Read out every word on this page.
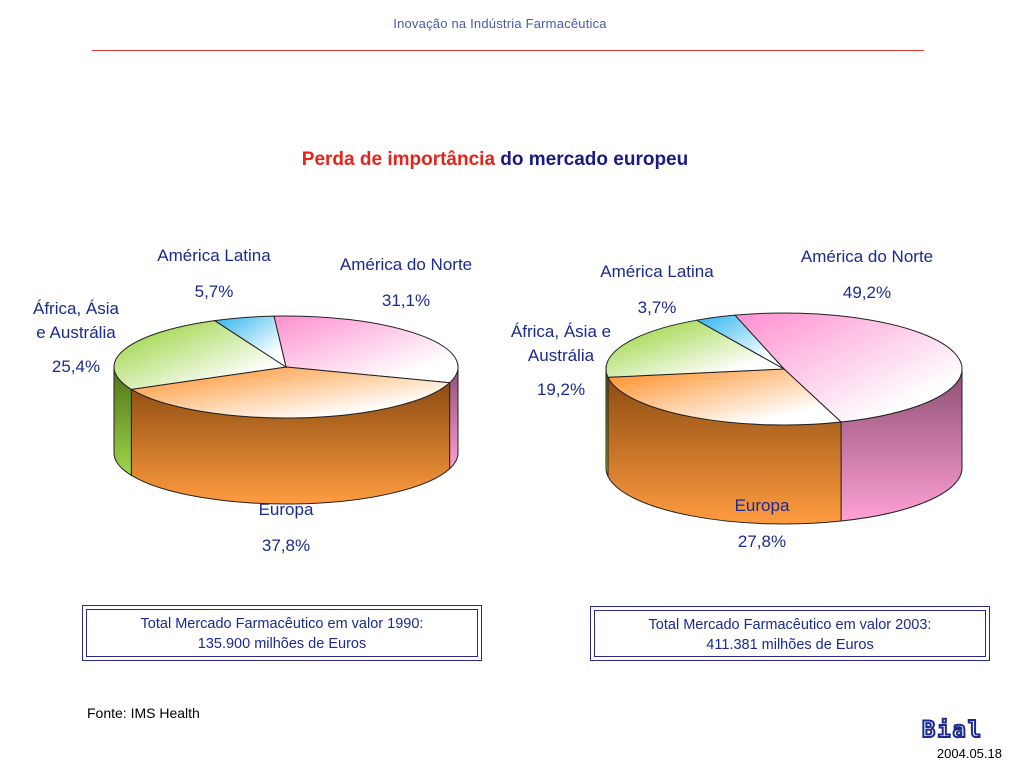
Inovação na Indústria Farmacêutica
Perda de importância do mercado europeu
América Latina
5,7%
América do Norte
31,1%
África, Ásia
e Austrália
25,4%
Europa
37,8%
América Latina
3,7%
América do Norte
49,2%
África, Ásia e
Austrália
19,2%
Europa
27,8%
Total Mercado Farmacêutico em valor 1990:
135.900 milhões de Euros
Total Mercado Farmacêutico em valor 2003:
411.381 milhões de Euros
Fonte: IMS Health
Bial
2004.05.18
